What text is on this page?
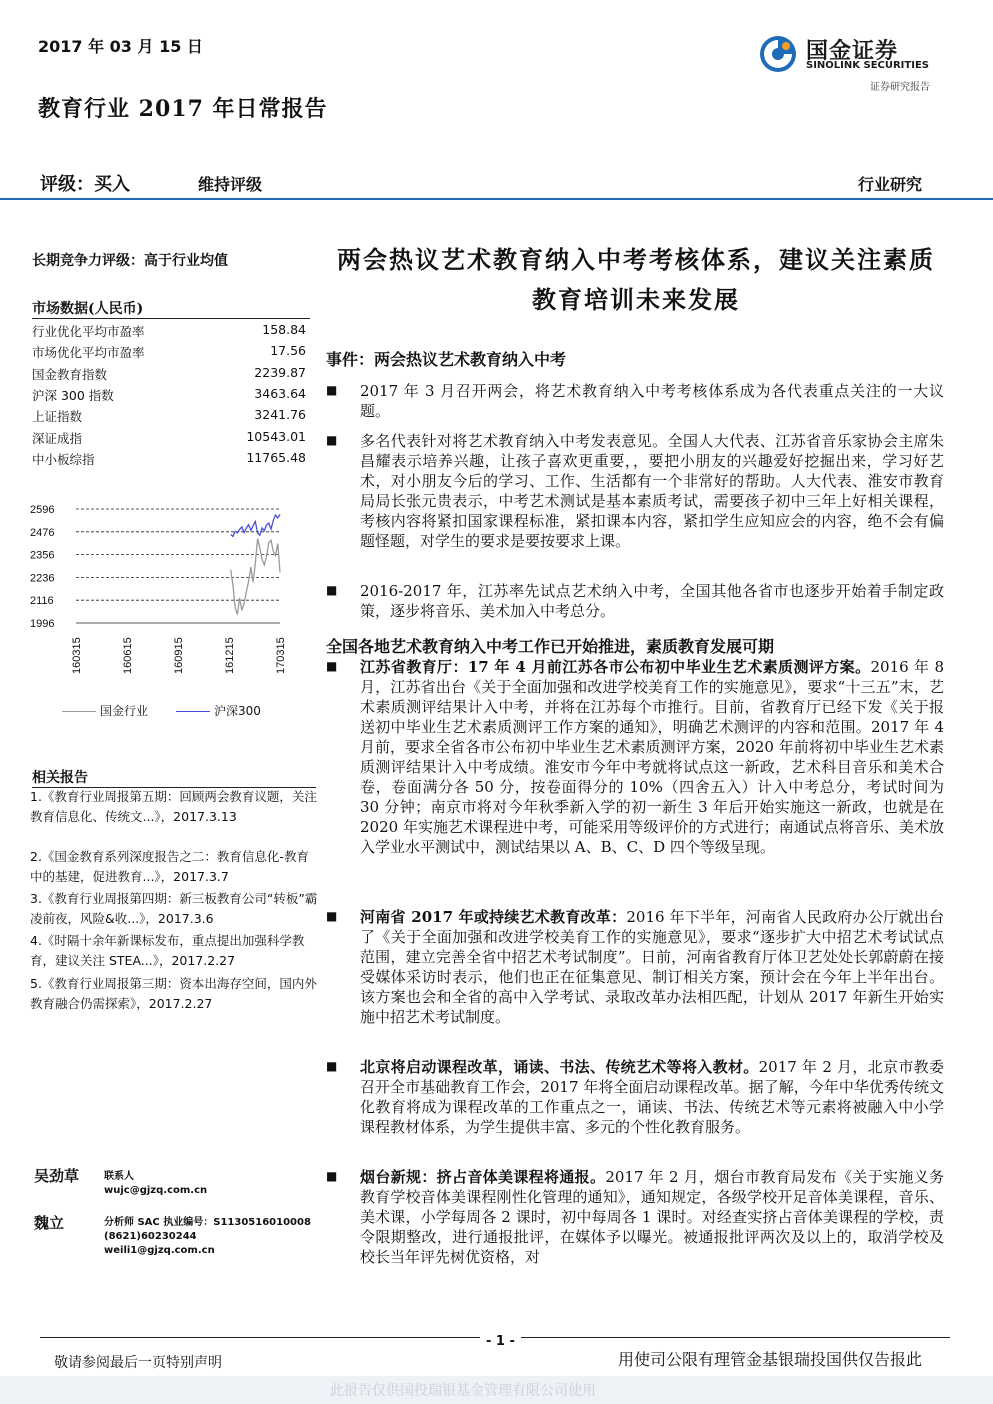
2017 年 03 月 15 日
教育行业 2017 年日常报告
国金证券
SINOLINK SECURITIES
证券研究报告
评级：买入	维持评级	行业研究
长期竞争力评级：高于行业均值
市场数据(人民币)
行业优化平均市盈率	158.84
市场优化平均市盈率	17.56
国金教育指数	2239.87
沪深 300 指数	3463.64
上证指数	3241.76
深证成指	10543.01
中小板综指	11765.48
2596
2476
2356
2236
2116
1996
160315	160615	160915	161215	170315
国金行业	沪深300
相关报告
1.《教育行业周报第五期：回顾两会教育议题，关注教育信息化、传统文...》，2017.3.13
2.《国金教育系列深度报告之二：教育信息化-教育中的基建，促进教育...》，2017.3.7
3.《教育行业周报第四期：新三板教育公司“转板”霸凌前夜，风险&收...》，2017.3.6
4.《时隔十余年新课标发布，重点提出加强科学教育，建议关注 STEA...》，2017.2.27
5.《教育行业周报第三期：资本出海存空间，国内外教育融合仍需探索》，2017.2.27
吴劲草 联系人
wujc@gjzq.com.cn
魏立	分析师 SAC 执业编号：S1130516010008
(8621)60230244
weili1@gjzq.com.cn
两会热议艺术教育纳入中考考核体系，建议关注素质教育培训未来发展
事件：两会热议艺术教育纳入中考
■	2017 年 3 月召开两会，将艺术教育纳入中考考核体系成为各代表重点关注的一大议题。
■	多名代表针对将艺术教育纳入中考发表意见。全国人大代表、江苏省音乐家协会主席朱昌耀表示培养兴趣，让孩子喜欢更重要，，要把小朋友的兴趣爱好挖掘出来，学习好艺术，对小朋友今后的学习、工作、生活都有一个非常好的帮助。人大代表、淮安市教育局局长张元贵表示，中考艺术测试是基本素质考试，需要孩子初中三年上好相关课程，考核内容将紧扣国家课程标准，紧扣课本内容，紧扣学生应知应会的内容，绝不会有偏题怪题，对学生的要求是要按要求上课。
■	2016-2017 年，江苏率先试点艺术纳入中考，全国其他各省市也逐步开始着手制定政策，逐步将音乐、美术加入中考总分。
全国各地艺术教育纳入中考工作已开始推进，素质教育发展可期
■	江苏省教育厅：17 年 4 月前江苏各市公布初中毕业生艺术素质测评方案。2016 年 8 月，江苏省出台《关于全面加强和改进学校美育工作的实施意见》，要求“十三五”末，艺术素质测评结果计入中考，并将在江苏每个市推行。目前，省教育厅已经下发《关于报送初中毕业生艺术素质测评工作方案的通知》，明确艺术测评的内容和范围。2017 年 4 月前，要求全省各市公布初中毕业生艺术素质测评方案，2020 年前将初中毕业生艺术素质测评结果计入中考成绩。淮安市今年中考就将试点这一新政，艺术科目音乐和美术合卷，卷面满分各 50 分，按卷面得分的 10%（四舍五入）计入中考总分，考试时间为 30 分钟；南京市将对今年秋季新入学的初一新生 3 年后开始实施这一新政，也就是在 2020 年实施艺术课程进中考，可能采用等级评价的方式进行；南通试点将音乐、美术放入学业水平测试中，测试结果以 A、B、C、D 四个等级呈现。
■	河南省 2017 年或持续艺术教育改革：2016 年下半年，河南省人民政府办公厅就出台了《关于全面加强和改进学校美育工作的实施意见》，要求“逐步扩大中招艺术考试试点范围，建立完善全省中招艺术考试制度”。日前，河南省教育厅体卫艺处处长郭蔚蔚在接受媒体采访时表示，他们也正在征集意见、制订相关方案，预计会在今年上半年出台。该方案也会和全省的高中入学考试、录取改革办法相匹配，计划从 2017 年新生开始实施中招艺术考试制度。
■	北京将启动课程改革，诵读、书法、传统艺术等将入教材。2017 年 2 月，北京市教委召开全市基础教育工作会，2017 年将全面启动课程改革。据了解，今年中华优秀传统文化教育将成为课程改革的工作重点之一，诵读、书法、传统艺术等元素将被融入中小学课程教材体系，为学生提供丰富、多元的个性化教育服务。
■	烟台新规：挤占音体美课程将通报。2017 年 2 月，烟台市教育局发布《关于实施义务教育学校音体美课程刚性化管理的通知》，通知规定，各级学校开足音体美课程，音乐、美术课，小学每周各 2 课时，初中每周各 1 课时。对经查实挤占音体美课程的学校，责令限期整改，进行通报批评，在媒体予以曝光。被通报批评两次及以上的，取消学校及校长当年评先树优资格，对
- 1 -
敬请参阅最后一页特别声明	用使司公限有理管金基银瑞投国供仅告报此
此报告仅供国投瑞银基金管理有限公司使用
